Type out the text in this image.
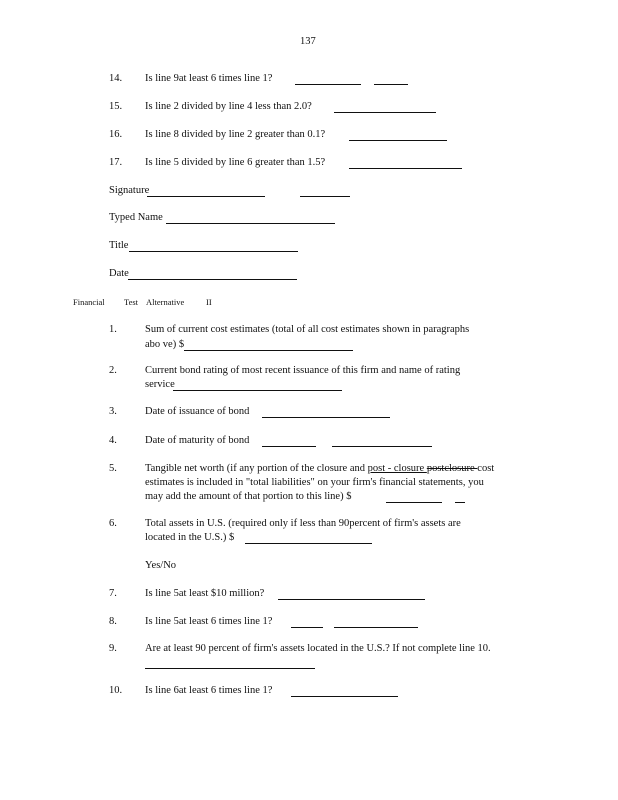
137
14. Is line 9at least 6 times line 1?
15. Is line 2 divided by line 4 less than 2.0?
16. Is line 8 divided by line 2 greater than 0.1?
17. Is line 5 divided by line 6 greater than 1.5?
Signature
Typed Name
Title
Date
Financial Test Alternative	II
1.	Sum of current cost estimates (total of all cost estimates shown in paragraphs
abo ve) $
2.	Current bond rating of most recent issuance of this firm and name of rating
service
3.	Date of issuance of bond
4.	Date of maturity of bond
5.	Tangible net worth (if any portion of the closure and post - closure postclosure cost
estimates is included in "total liabilities" on your firm's financial statements, you
may add the amount of that portion to this line) $
6.	Total assets in U.S. (required only if less than 90percent of firm's assets are
located in the U.S.) $
Yes/No
7.	Is line 5at least $10 million?
8.	Is line 5at least 6 times line 1?
9.	Are at least 90 percent of firm's assets located in the U.S.? If not complete line 10.
10. Is line 6at least 6 times line 1?
